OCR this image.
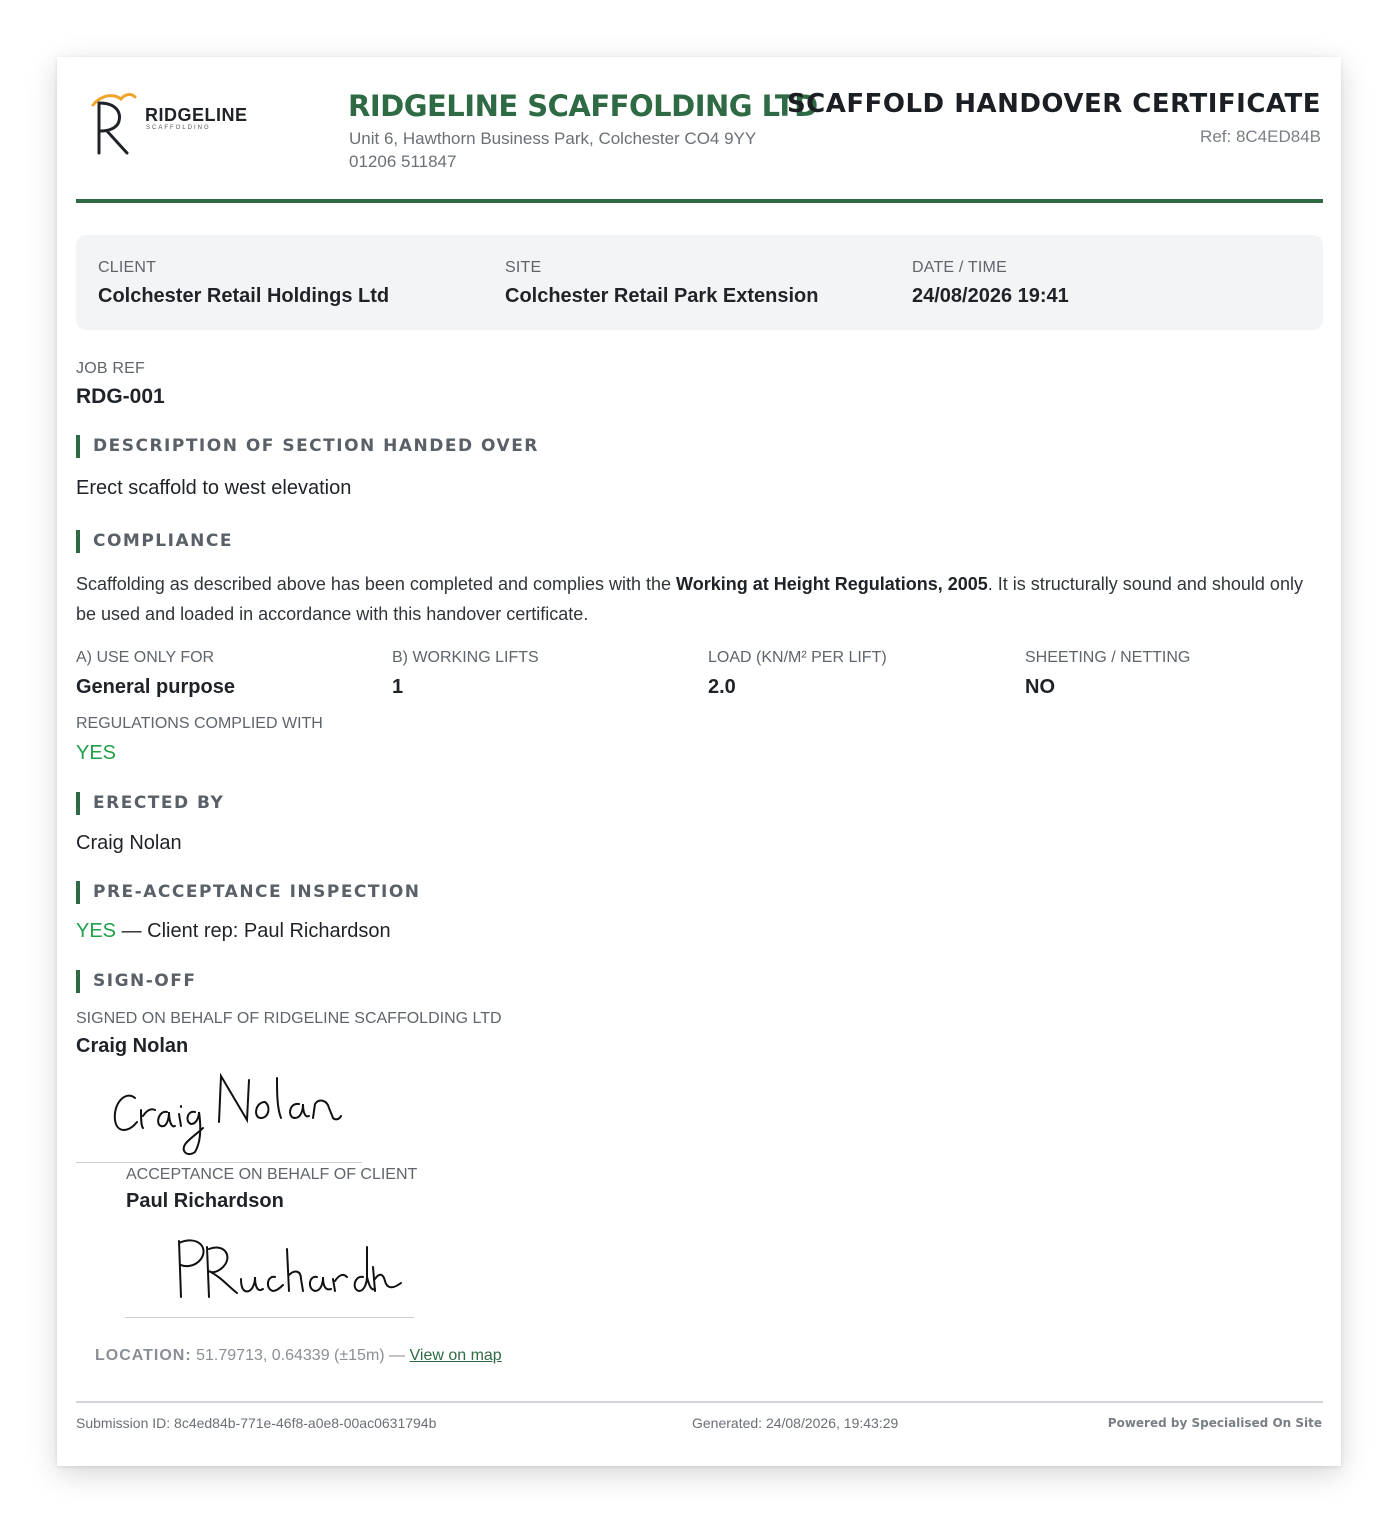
RIDGELINE
SCAFFOLDING
RIDGELINE SCAFFOLDING LTD
Unit 6, Hawthorn Business Park, Colchester CO4 9YY
01206 511847
SCAFFOLD HANDOVER CERTIFICATE
Ref: 8C4ED84B
CLIENT
Colchester Retail Holdings Ltd
SITE
Colchester Retail Park Extension
DATE / TIME
24/08/2026 19:41
JOB REF
RDG-001
DESCRIPTION OF SECTION HANDED OVER
Erect scaffold to west elevation
COMPLIANCE
Scaffolding as described above has been completed and complies with the Working at Height Regulations, 2005. It is structurally sound and should only be used and loaded in accordance with this handover certificate.
A) USE ONLY FOR
General purpose
B) WORKING LIFTS
1
LOAD (KN/M² PER LIFT)
2.0
SHEETING / NETTING
NO
REGULATIONS COMPLIED WITH
YES
ERECTED BY
Craig Nolan
PRE-ACCEPTANCE INSPECTION
YES — Client rep: Paul Richardson
SIGN-OFF
SIGNED ON BEHALF OF RIDGELINE SCAFFOLDING LTD
Craig Nolan
ACCEPTANCE ON BEHALF OF CLIENT
Paul Richardson
LOCATION: 51.79713, 0.64339 (±15m) — View on map
Submission ID: 8c4ed84b-771e-46f8-a0e8-00ac0631794b	Generated: 24/08/2026, 19:43:29	Powered by Specialised On Site
